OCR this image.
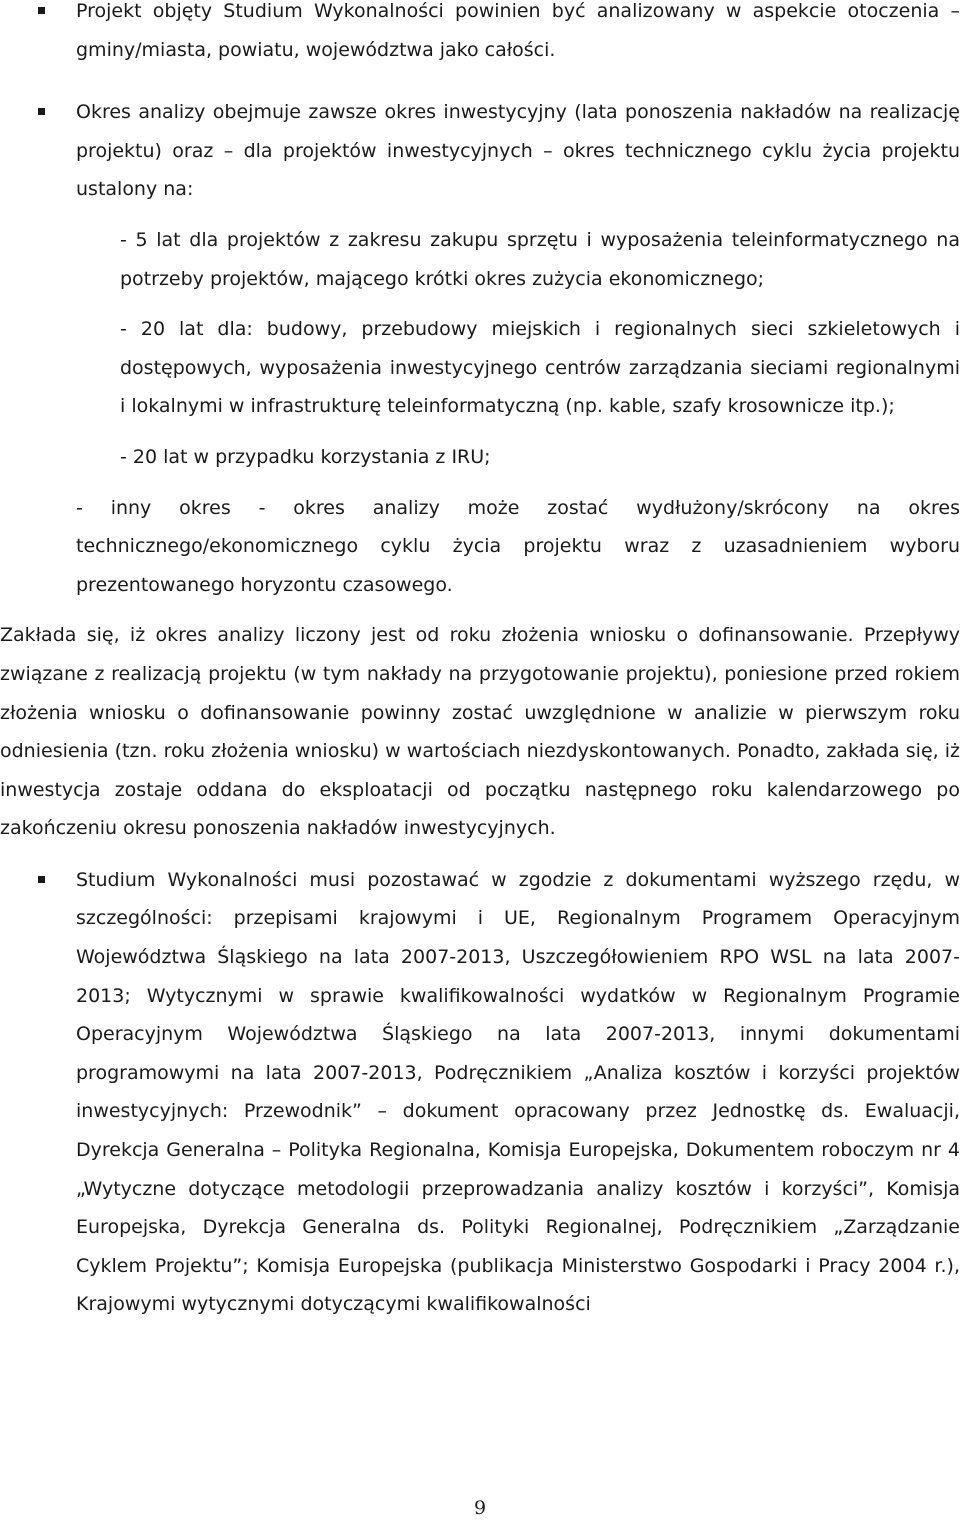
Projekt objęty Studium Wykonalności powinien być analizowany w aspekcie otoczenia – gminy/miasta, powiatu, województwa jako całości.

Okres analizy obejmuje zawsze okres inwestycyjny (lata ponoszenia nakładów na realizację projektu) oraz – dla projektów inwestycyjnych – okres technicznego cyklu życia projektu ustalony na:

- 5 lat dla projektów z zakresu zakupu sprzętu i wyposażenia teleinformatycznego na potrzeby projektów, mającego krótki okres zużycia ekonomicznego;

- 20 lat dla: budowy, przebudowy miejskich i regionalnych sieci szkieletowych i dostępowych, wyposażenia inwestycyjnego centrów zarządzania sieciami regionalnymi i lokalnymi w infrastrukturę teleinformatyczną (np. kable, szafy krosownicze itp.);

- 20 lat w przypadku korzystania z IRU;

- inny okres - okres analizy może zostać wydłużony/skrócony na okres technicznego/ekonomicznego cyklu życia projektu wraz z uzasadnieniem wyboru prezentowanego horyzontu czasowego.

Zakłada się, iż okres analizy liczony jest od roku złożenia wniosku o dofinansowanie. Przepływy związane z realizacją projektu (w tym nakłady na przygotowanie projektu), poniesione przed rokiem złożenia wniosku o dofinansowanie powinny zostać uwzględnione w analizie w pierwszym roku odniesienia (tzn. roku złożenia wniosku) w wartościach niezdyskontowanych. Ponadto, zakłada się, iż inwestycja zostaje oddana do eksploatacji od początku następnego roku kalendarzowego po zakończeniu okresu ponoszenia nakładów inwestycyjnych.

Studium Wykonalności musi pozostawać w zgodzie z dokumentami wyższego rzędu, w szczególności: przepisami krajowymi i UE, Regionalnym Programem Operacyjnym Województwa Śląskiego na lata 2007-2013, Uszczegółowieniem RPO WSL na lata 2007-2013; Wytycznymi w sprawie kwalifikowalności wydatków w Regionalnym Programie Operacyjnym Województwa Śląskiego na lata 2007-2013, innymi dokumentami programowymi na lata 2007-2013, Podręcznikiem „Analiza kosztów i korzyści projektów inwestycyjnych: Przewodnik” – dokument opracowany przez Jednostkę ds. Ewaluacji, Dyrekcja Generalna – Polityka Regionalna, Komisja Europejska, Dokumentem roboczym nr 4 „Wytyczne dotyczące metodologii przeprowadzania analizy kosztów i korzyści”, Komisja Europejska, Dyrekcja Generalna ds. Polityki Regionalnej, Podręcznikiem „Zarządzanie Cyklem Projektu”; Komisja Europejska (publikacja Ministerstwo Gospodarki i Pracy 2004 r.), Krajowymi wytycznymi dotyczącymi kwalifikowalności

9
